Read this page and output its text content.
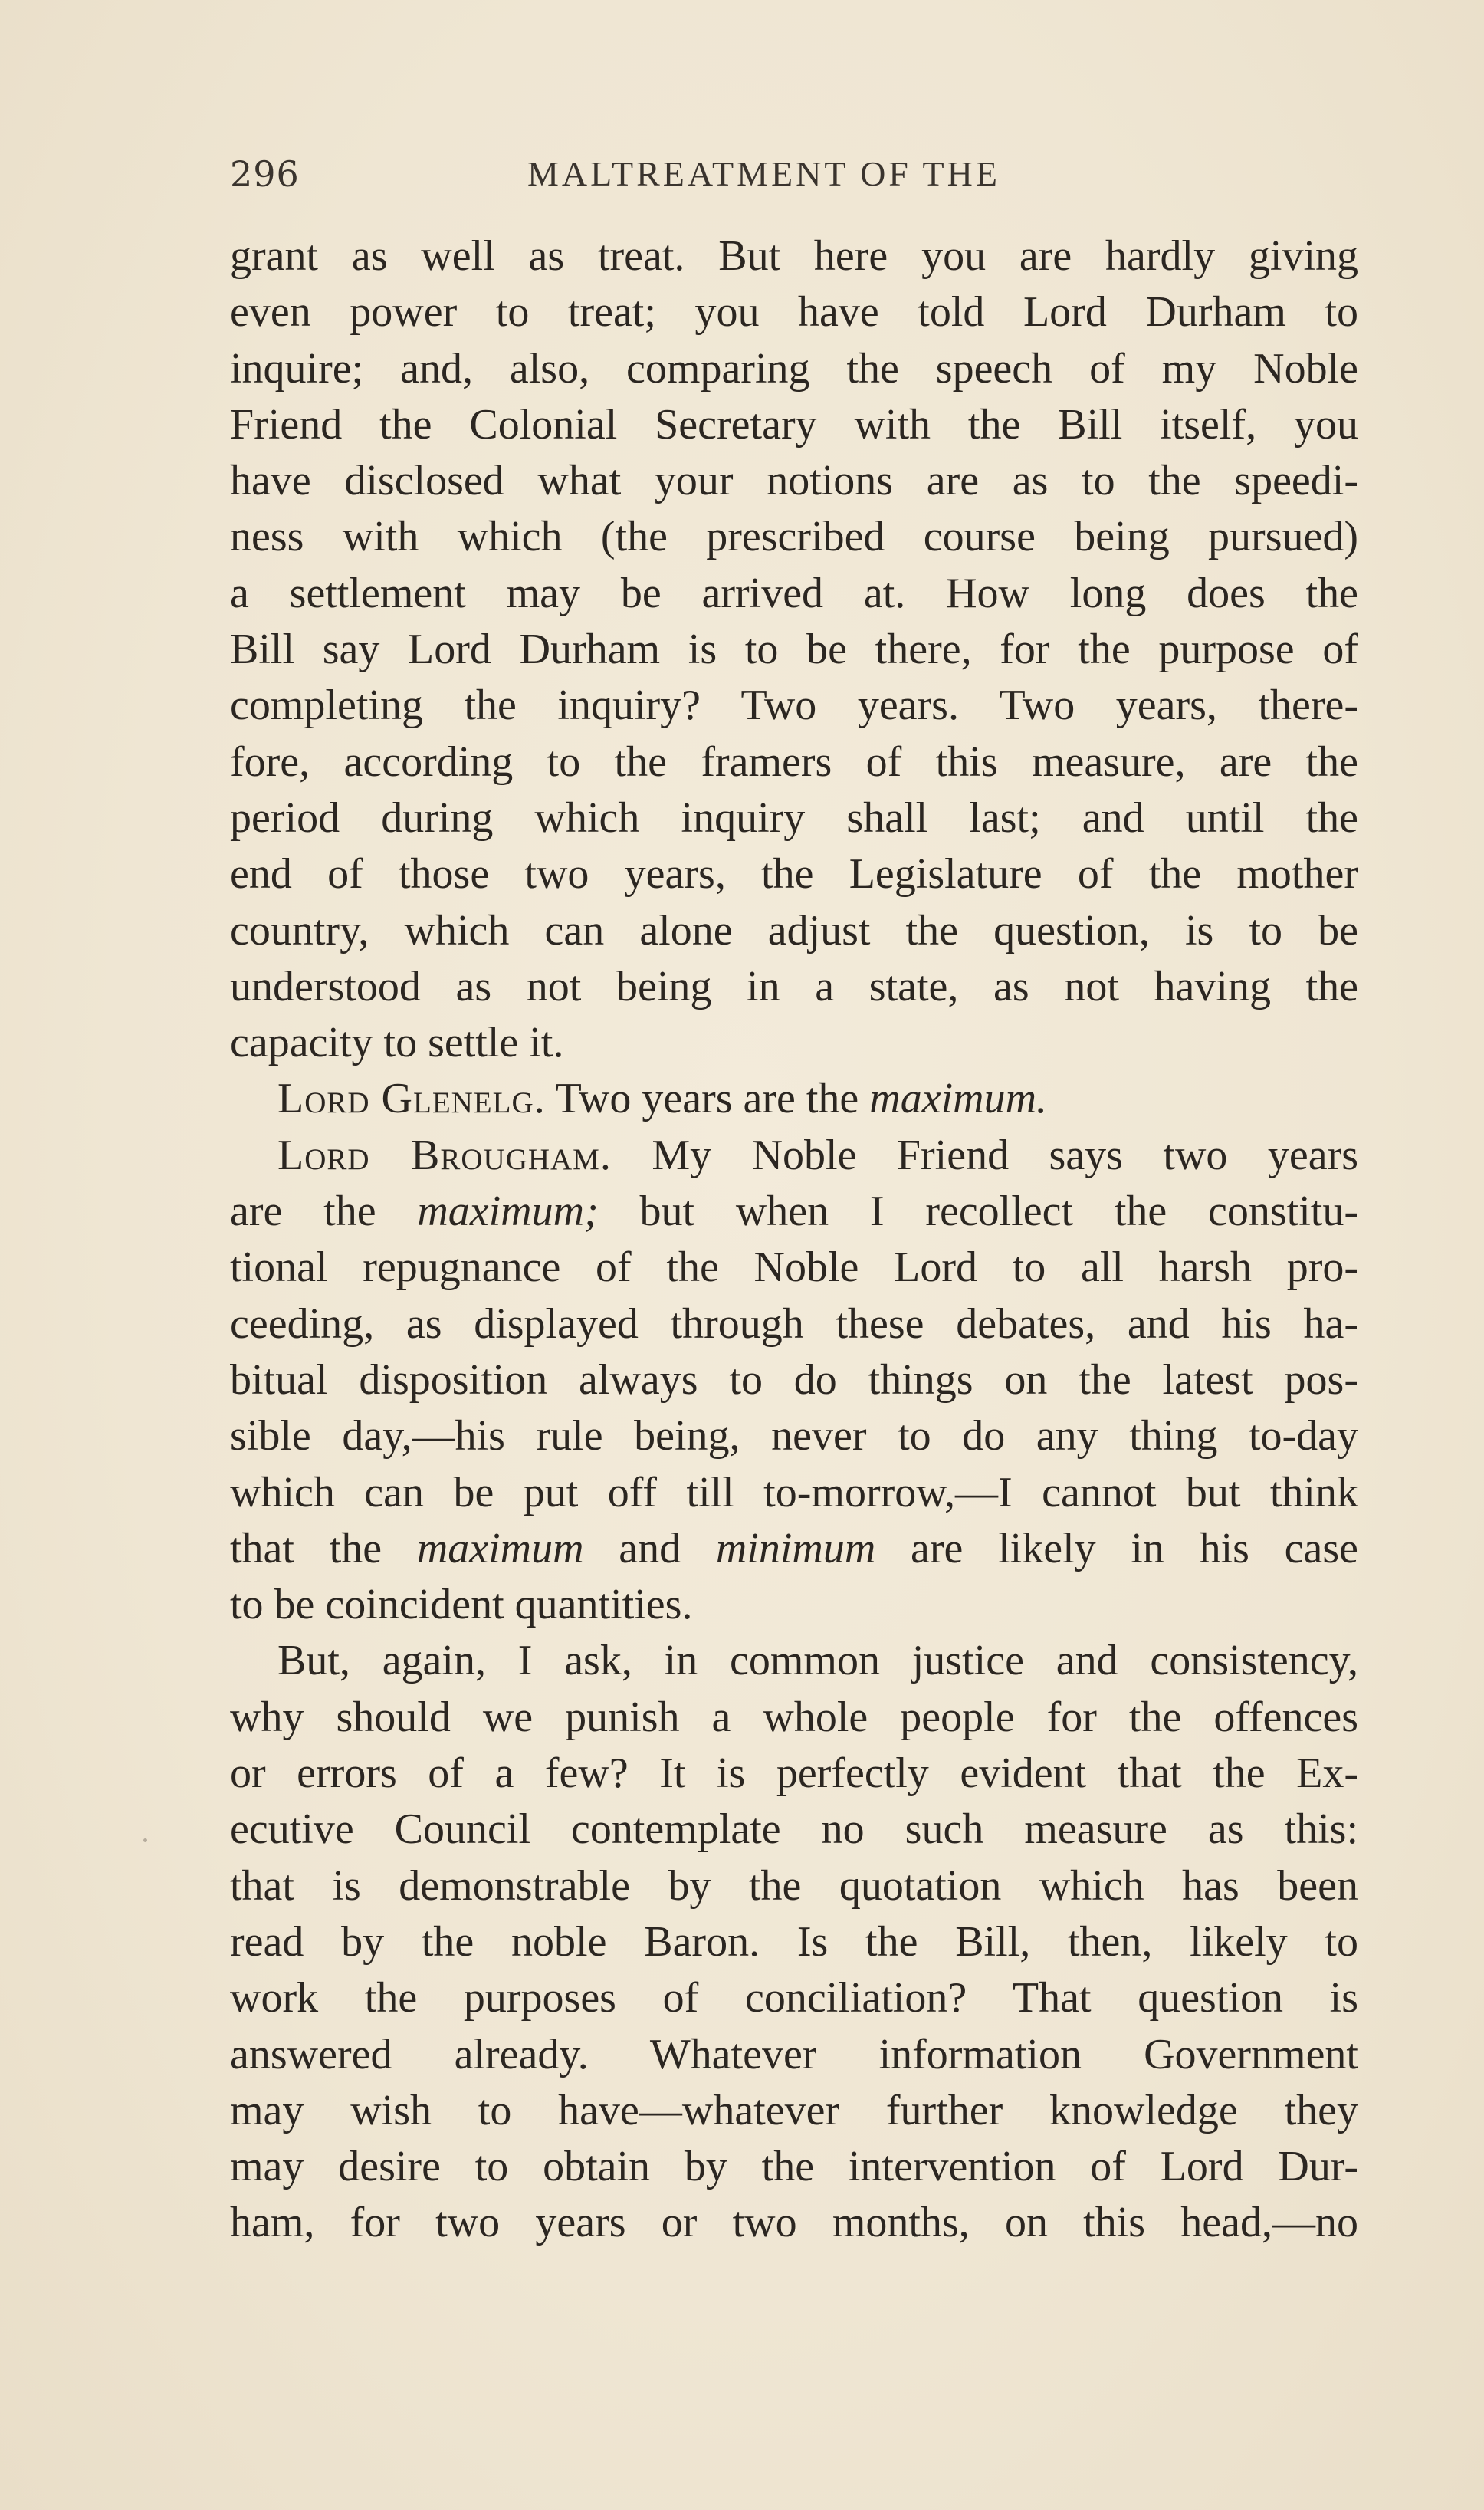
296	MALTREATMENT OF THE
grant as well as treat. But here you are hardly giving
even power to treat; you have told Lord Durham to
inquire; and, also, comparing the speech of my Noble
Friend the Colonial Secretary with the Bill itself, you
have disclosed what your notions are as to the speedi-
ness with which (the prescribed course being pursued)
a settlement may be arrived at. How long does the
Bill say Lord Durham is to be there, for the purpose of
completing the inquiry? Two years. Two years, there-
fore, according to the framers of this measure, are the
period during which inquiry shall last; and until the
end of those two years, the Legislature of the mother
country, which can alone adjust the question, is to be
understood as not being in a state, as not having the
capacity to settle it.
Lord Glenelg. Two years are the maximum.
Lord Brougham. My Noble Friend says two years
are the maximum; but when I recollect the constitu-
tional repugnance of the Noble Lord to all harsh pro-
ceeding, as displayed through these debates, and his ha-
bitual disposition always to do things on the latest pos-
sible day,—his rule being, never to do any thing to-day
which can be put off till to-morrow,—I cannot but think
that the maximum and minimum are likely in his case
to be coincident quantities.
But, again, I ask, in common justice and consistency,
why should we punish a whole people for the offences
or errors of a few? It is perfectly evident that the Ex-
ecutive Council contemplate no such measure as this:
that is demonstrable by the quotation which has been
read by the noble Baron. Is the Bill, then, likely to
work the purposes of conciliation? That question is
answered already. Whatever information Government
may wish to have—whatever further knowledge they
may desire to obtain by the intervention of Lord Dur-
ham, for two years or two months, on this head,—no
